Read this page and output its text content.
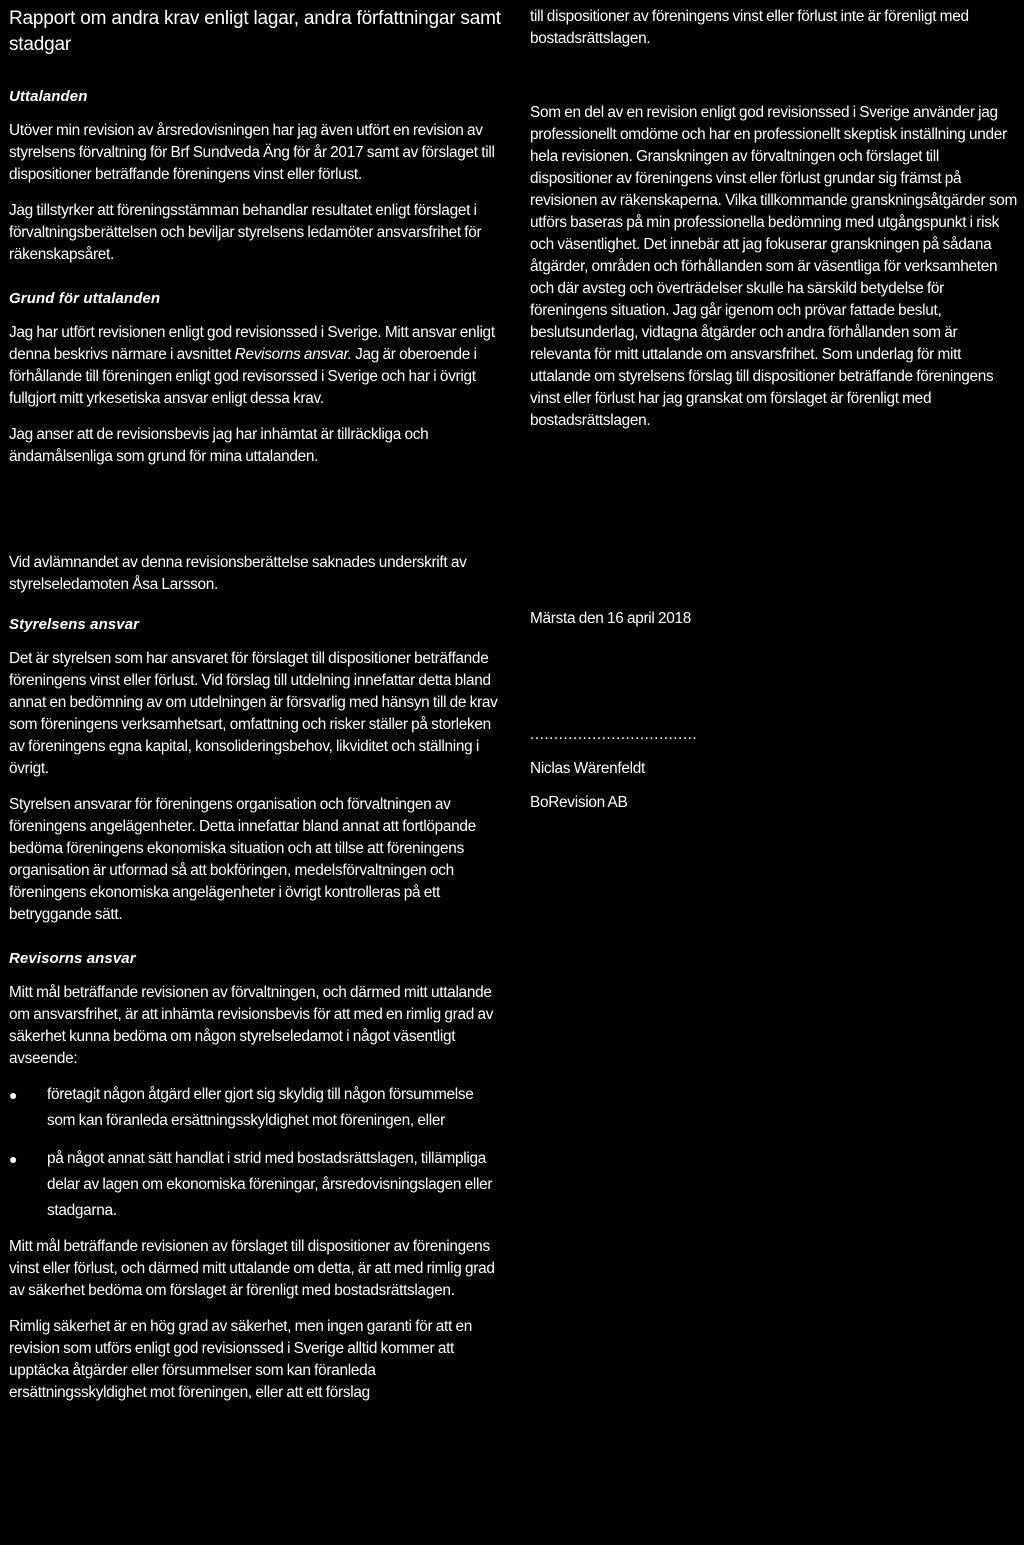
Rapport om andra krav enligt lagar, andra författningar samt stadgar
Uttalanden

Utöver min revision av årsredovisningen har jag även utfört en revision av styrelsens förvaltning för Brf Sundveda Äng för år 2017 samt av förslaget till dispositioner beträffande föreningens vinst eller förlust.

Jag tillstyrker att föreningsstämman behandlar resultatet enligt förslaget i förvaltningsberättelsen och beviljar styrelsens ledamöter ansvarsfrihet för räkenskapsåret.

Grund för uttalanden

Jag har utfört revisionen enligt god revisionssed i Sverige. Mitt ansvar enligt denna beskrivs närmare i avsnittet Revisorns ansvar. Jag är oberoende i förhållande till föreningen enligt god revisorssed i Sverige och har i övrigt fullgjort mitt yrkesetiska ansvar enligt dessa krav.

Jag anser att de revisionsbevis jag har inhämtat är tillräckliga och ändamålsenliga som grund för mina uttalanden.

Vid avlämnandet av denna revisionsberättelse saknades underskrift av styrelseledamoten Åsa Larsson.

Styrelsens ansvar

Det är styrelsen som har ansvaret för förslaget till dispositioner beträffande föreningens vinst eller förlust. Vid förslag till utdelning innefattar detta bland annat en bedömning av om utdelningen är försvarlig med hänsyn till de krav som föreningens verksamhetsart, omfattning och risker ställer på storleken av föreningens egna kapital, konsolideringsbehov, likviditet och ställning i övrigt.

Styrelsen ansvarar för föreningens organisation och förvaltningen av föreningens angelägenheter. Detta innefattar bland annat att fortlöpande bedöma föreningens ekonomiska situation och att tillse att föreningens organisation är utformad så att bokföringen, medelsförvaltningen och föreningens ekonomiska angelägenheter i övrigt kontrolleras på ett betryggande sätt.

Revisorns ansvar

Mitt mål beträffande revisionen av förvaltningen, och därmed mitt uttalande om ansvarsfrihet, är att inhämta revisionsbevis för att med en rimlig grad av säkerhet kunna bedöma om någon styrelseledamot i något väsentligt avseende:

● företagit någon åtgärd eller gjort sig skyldig till någon försummelse som kan föranleda ersättningsskyldighet mot föreningen, eller
● på något annat sätt handlat i strid med bostadsrättslagen, tillämpliga delar av lagen om ekonomiska föreningar, årsredovisningslagen eller stadgarna.

Mitt mål beträffande revisionen av förslaget till dispositioner av föreningens vinst eller förlust, och därmed mitt uttalande om detta, är att med rimlig grad av säkerhet bedöma om förslaget är förenligt med bostadsrättslagen.

Rimlig säkerhet är en hög grad av säkerhet, men ingen garanti för att en revision som utförs enligt god revisionssed i Sverige alltid kommer att upptäcka åtgärder eller försummelser som kan föranleda ersättningsskyldighet mot föreningen, eller att ett förslag

till dispositioner av föreningens vinst eller förlust inte är förenligt med bostadsrättslagen.

Som en del av en revision enligt god revisionssed i Sverige använder jag professionellt omdöme och har en professionellt skeptisk inställning under hela revisionen. Granskningen av förvaltningen och förslaget till dispositioner av föreningens vinst eller förlust grundar sig främst på revisionen av räkenskaperna. Vilka tillkommande granskningsåtgärder som utförs baseras på min professionella bedömning med utgångspunkt i risk och väsentlighet. Det innebär att jag fokuserar granskningen på sådana åtgärder, områden och förhållanden som är väsentliga för verksamheten och där avsteg och överträdelser skulle ha särskild betydelse för föreningens situation. Jag går igenom och prövar fattade beslut, beslutsunderlag, vidtagna åtgärder och andra förhållanden som är relevanta för mitt uttalande om ansvarsfrihet. Som underlag för mitt uttalande om styrelsens förslag till dispositioner beträffande föreningens vinst eller förlust har jag granskat om förslaget är förenligt med bostadsrättslagen.

Märsta den 16 april 2018

...................................

Niclas Wärenfeldt

BoRevision AB
